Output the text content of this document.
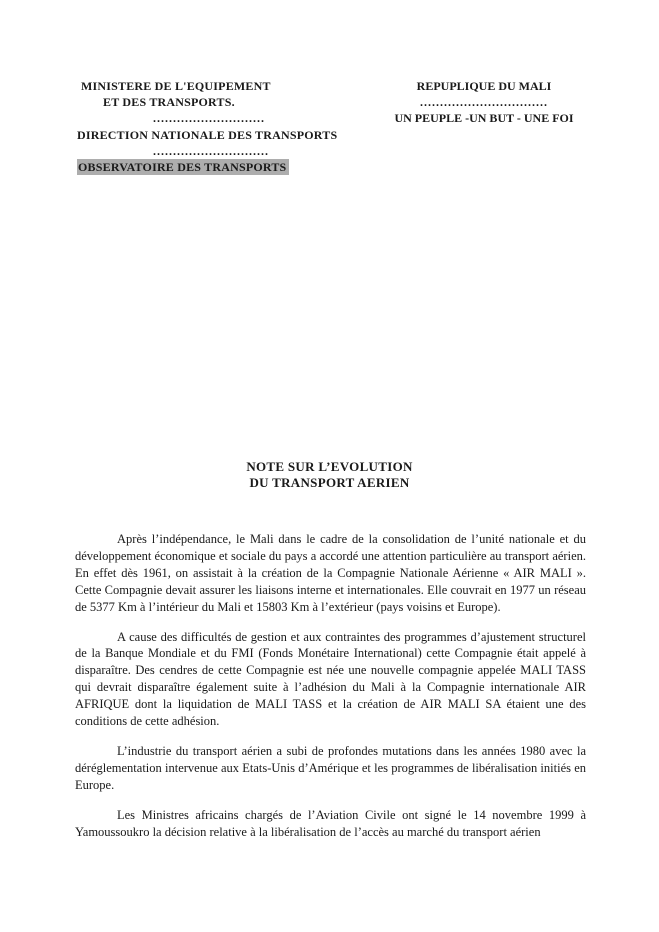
MINISTERE DE L'EQUIPEMENT
ET DES TRANSPORTS.
............................
DIRECTION NATIONALE DES TRANSPORTS
.............................
OBSERVATOIRE DES TRANSPORTS
REPUPLIQUE DU MALI
................................
UN PEUPLE -UN BUT - UNE FOI
NOTE SUR L’EVOLUTION
DU TRANSPORT AERIEN

Après l’indépendance, le Mali dans le cadre de la consolidation de l’unité nationale et du développement économique et sociale du pays a accordé une attention particulière au transport aérien. En effet dès 1961, on assistait à la création de la Compagnie Nationale Aérienne « AIR MALI ». Cette Compagnie devait assurer les liaisons interne et internationales. Elle couvrait en 1977 un réseau de 5377 Km à l’intérieur du Mali et 15803 Km à l’extérieur (pays voisins et Europe).

A cause des difficultés de gestion et aux contraintes des programmes d’ajustement structurel de la Banque Mondiale et du FMI (Fonds Monétaire International) cette Compagnie était appelé à disparaître. Des cendres de cette Compagnie est née une nouvelle compagnie appelée MALI TASS qui devrait disparaître également suite à l’adhésion du Mali à la Compagnie internationale AIR AFRIQUE dont la liquidation de MALI TASS et la création de AIR MALI SA étaient une des conditions de cette adhésion.

L’industrie du transport aérien a subi de profondes mutations dans les années 1980 avec la déréglementation intervenue aux Etats-Unis d’Amérique et les programmes de libéralisation initiés en Europe.

Les Ministres africains chargés de l’Aviation Civile ont signé le 14 novembre 1999 à Yamoussoukro la décision relative à la libéralisation de l’accès au marché du transport aérien
